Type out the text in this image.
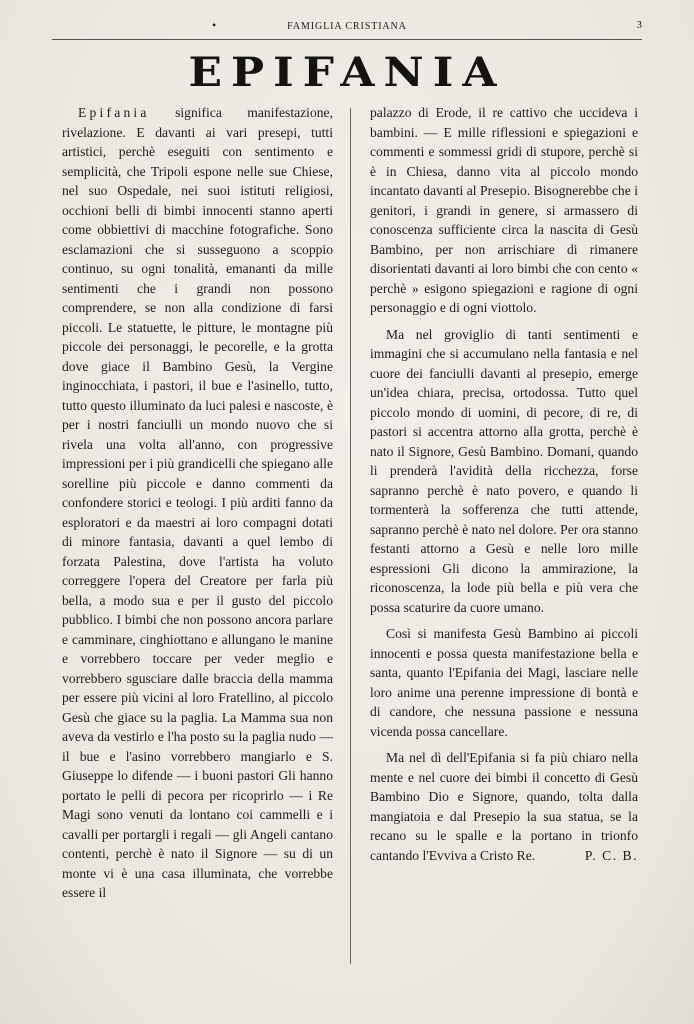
•	FAMIGLIA CRISTIANA	3
EPIFANIA

Epifania significa manifestazione, rivelazione. E davanti ai vari presepi, tutti artistici, perchè eseguiti con sentimento e semplicità, che Tripoli espone nelle sue Chiese, nel suo Ospedale, nei suoi istituti religiosi, occhioni belli di bimbi innocenti stanno aperti come obbiettivi di macchine fotografiche. Sono esclamazioni che si susseguono a scoppio continuo, su ogni tonalità, emananti da mille sentimenti che i grandi non possono comprendere, se non alla condizione di farsi piccoli. Le statuette, le pitture, le montagne più piccole dei personaggi, le pecorelle, e la grotta dove giace il Bambino Gesù, la Vergine inginocchiata, i pastori, il bue e l'asinello, tutto, tutto questo illuminato da luci palesi e nascoste, è per i nostri fanciulli un mondo nuovo che si rivela una volta all'anno, con progressive impressioni per i più grandicelli che spiegano alle sorelline più piccole e danno commenti da confondere storici e teologi. I più arditi fanno da esploratori e da maestri ai loro compagni dotati di minore fantasia, davanti a quel lembo di forzata Palestina, dove l'artista ha voluto correggere l'opera del Creatore per farla più bella, a modo sua e per il gusto del piccolo pubblico. I bimbi che non possono ancora parlare e camminare, cinghiottano e allungano le manine e vorrebbero toccare per veder meglio e vorrebbero sgusciare dalle braccia della mamma per essere più vicini al loro Fratellino, al piccolo Gesù che giace su la paglia. La Mamma sua non aveva da vestirlo e l'ha posto su la paglia nudo — il bue e l'asino vorrebbero mangiarlo e S. Giuseppe lo difende — i buoni pastori Gli hanno portato le pelli di pecora per ricoprirlo — i Re Magi sono venuti da lontano coi cammelli e i cavalli per portargli i regali — gli Angeli cantano contenti, perchè è nato il Signore — su di un monte vi è una casa illuminata, che vorrebbe essere il

palazzo di Erode, il re cattivo che uccideva i bambini. — E mille riflessioni e spiegazioni e commenti e sommessi gridi di stupore, perchè si è in Chiesa, danno vita al piccolo mondo incantato davanti al Presepio. Bisognerebbe che i genitori, i grandi in genere, si armassero di conoscenza sufficiente circa la nascita di Gesù Bambino, per non arrischiare di rimanere disorientati davanti ai loro bimbi che con cento « perchè » esigono spiegazioni e ragione di ogni personaggio e di ogni viottolo.

Ma nel groviglio di tanti sentimenti e immagini che si accumulano nella fantasia e nel cuore dei fanciulli davanti al presepio, emerge un'idea chiara, precisa, ortodossa. Tutto quel piccolo mondo di uomini, di pecore, di re, di pastori si accentra attorno alla grotta, perchè è nato il Signore, Gesù Bambino. Domani, quando li prenderà l'avidità della ricchezza, forse sapranno perchè è nato povero, e quando li tormenterà la sofferenza che tutti attende, sapranno perchè è nato nel dolore. Per ora stanno festanti attorno a Gesù e nelle loro mille espressioni Gli dicono la ammirazione, la riconoscenza, la lode più bella e più vera che possa scaturire da cuore umano.

Così si manifesta Gesù Bambino ai piccoli innocenti e possa questa manifestazione bella e santa, quanto l'Epifania dei Magi, lasciare nelle loro anime una perenne impressione di bontà e di candore, che nessuna passione e nessuna vicenda possa cancellare.

Ma nel dì dell'Epifania si fa più chiaro nella mente e nel cuore dei bimbi il concetto di Gesù Bambino Dio e Signore, quando, tolta dalla mangiatoia e dal Presepio la sua statua, se la recano su le spalle e la portano in trionfo cantando l'Evviva a Cristo Re.	P. C. B.
